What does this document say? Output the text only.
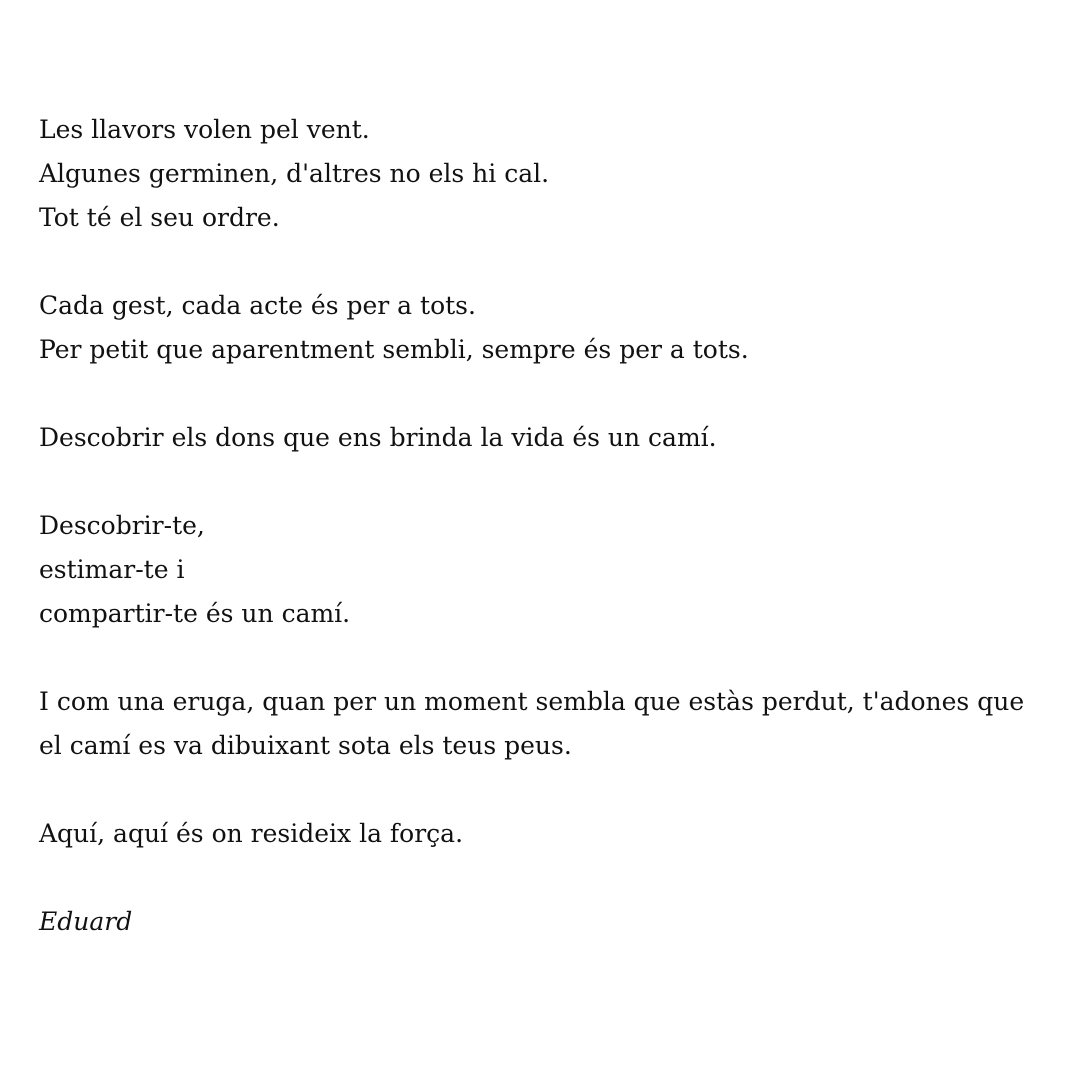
Les llavors volen pel vent.
Algunes germinen, d'altres no els hi cal.
Tot té el seu ordre.
Cada gest, cada acte és per a tots.
Per petit que aparentment sembli, sempre és per a tots.
Descobrir els dons que ens brinda la vida és un camí.
Descobrir-te,
estimar-te i
compartir-te és un camí.
I com una eruga, quan per un moment sembla que estàs perdut, t'adones que el camí es va dibuixant sota els teus peus.
Aquí, aquí és on resideix la força.
Eduard
